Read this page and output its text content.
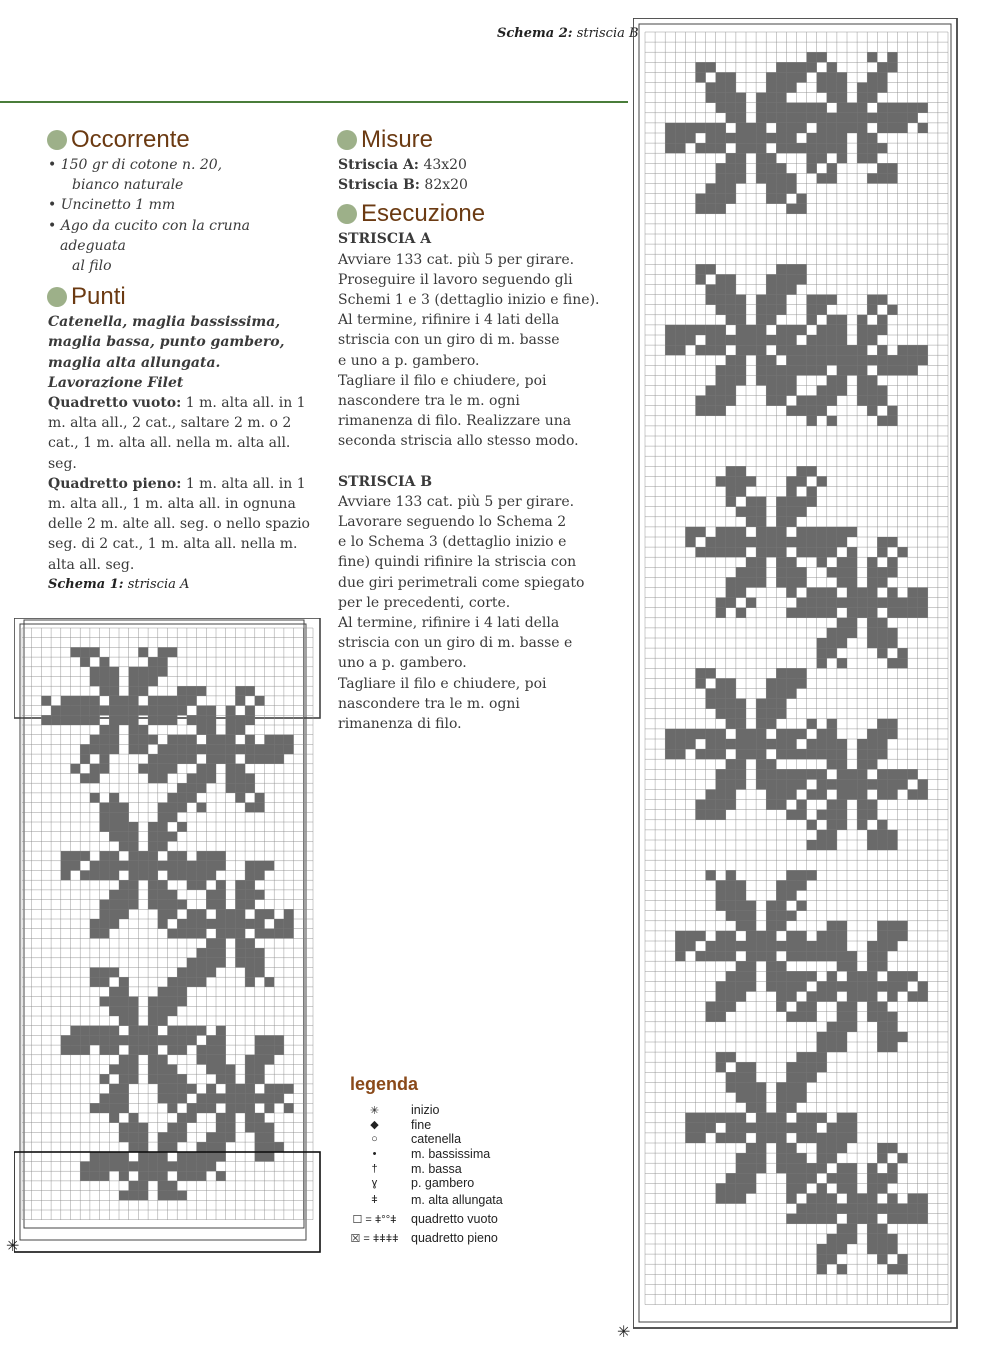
Schema 2: striscia B
Occorrente
• 150 gr di cotone n. 20,
bianco naturale
• Uncinetto 1 mm
• Ago da cucito con la cruna adeguata
al filo
Punti
Catenella, maglia bassissima, maglia bassa, punto gambero, maglia alta allungata.
Lavorazione Filet
Quadretto vuoto: 1 m. alta all. in 1 m. alta all., 2 cat., saltare 2 m. o 2 cat., 1 m. alta all. nella m. alta all. seg.
Quadretto pieno: 1 m. alta all. in 1 m. alta all., 1 m. alta all. in ognuna delle 2 m. alte all. seg. o nello spazio seg. di 2 cat., 1 m. alta all. nella m. alta all. seg.
Schema 1: striscia A
Misure
Striscia A: 43x20
Striscia B: 82x20
Esecuzione
STRISCIA A
Avviare 133 cat. più 5 per girare.
Proseguire il lavoro seguendo gli
Schemi 1 e 3 (dettaglio inizio e fine).
Al termine, rifinire i 4 lati della
striscia con un giro di m. basse
e uno a p. gambero.
Tagliare il filo e chiudere, poi
nascondere tra le m. ogni
rimanenza di filo. Realizzare una
seconda striscia allo stesso modo.
STRISCIA B
Avviare 133 cat. più 5 per girare.
Lavorare seguendo lo Schema 2
e lo Schema 3 (dettaglio inizio e
fine) quindi rifinire la striscia con
due giri perimetrali come spiegato
per le precedenti, corte.
Al termine, rifinire i 4 lati della
striscia con un giro di m. basse e
uno a p. gambero.
Tagliare il filo e chiudere, poi
nascondere tra le m. ogni
rimanenza di filo.
legenda
✳	inizio
◆	fine
○	catenella
•	m. bassissima
†	m. bassa
ɣ	p. gambero
ǂ	m. alta allungata
☐ = ǂ°°ǂ	quadretto vuoto
☒ = ǂǂǂǂ quadretto pieno
✳
✳
